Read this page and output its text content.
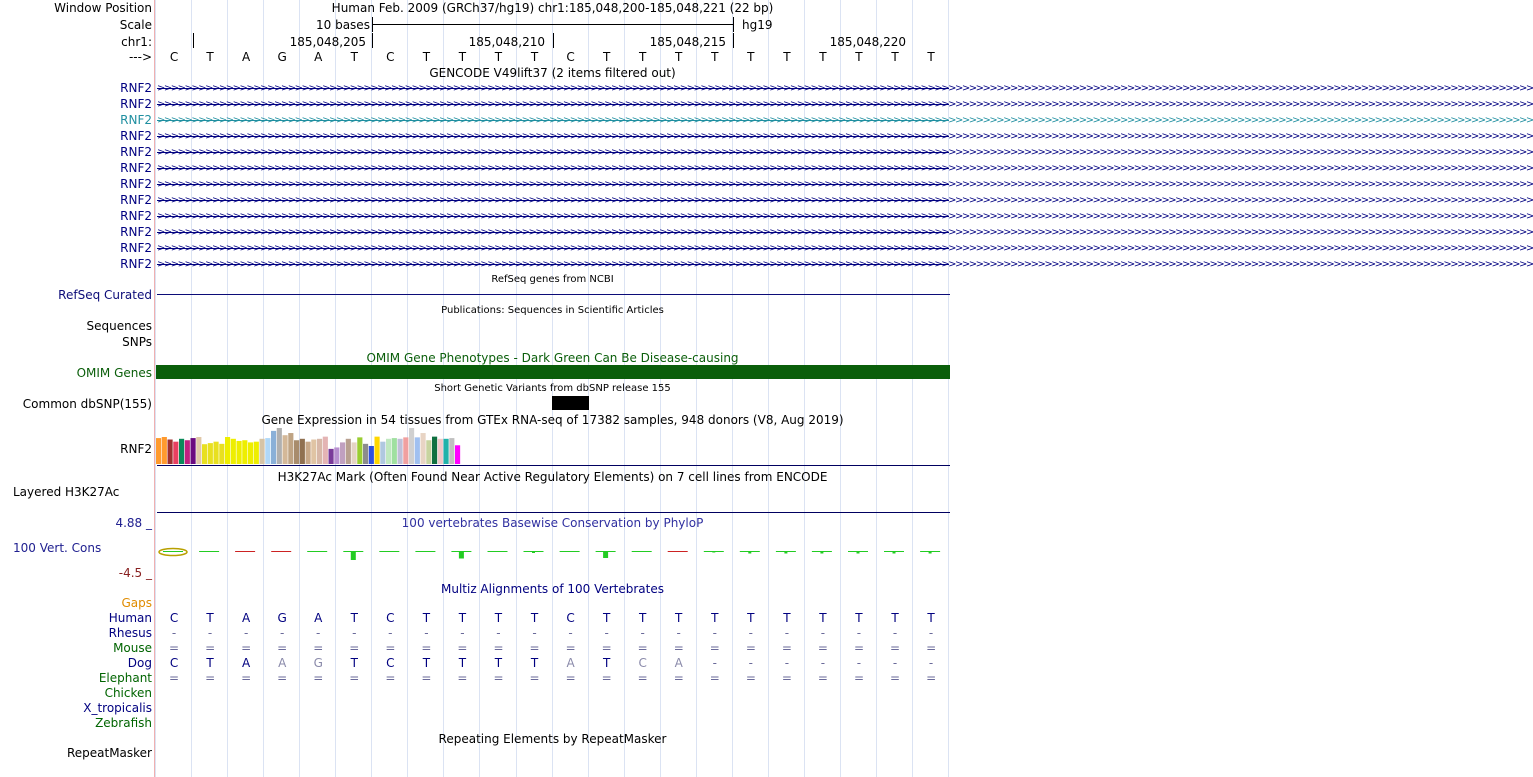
Window Position	Human Feb. 2009 (GRCh37/hg19) chr1:185,048,200-185,048,221 (22 bp)
Scale	10 bases	hg19
chr1:	185,048,205	185,048,210	185,048,215	185,048,220
---> C T A G A T C T T T T C T T T T T T T T T T
GENCODE V49lift37 (2 items filtered out)
RNF2 >>>>>>>>>>>>>>>>>>>>>>>>>>>>>>>>>>>>>>>>>>>>>>>>>>>>>>>>>>>>>>>>>>>>>>>>>>>>>>>>>>>>>>>>>>>>>>>>>>>>>>>>>>>>>>>>>>>>>>>>>>>>>>>>>>>>>>>>>>>>>>>>>>>>>>>>>>>>>>>>>>>>>>>>>>>>>>>>>>>>>>>>>>>>>>>>>>>>>>>>
RNF2 >>>>>>>>>>>>>>>>>>>>>>>>>>>>>>>>>>>>>>>>>>>>>>>>>>>>>>>>>>>>>>>>>>>>>>>>>>>>>>>>>>>>>>>>>>>>>>>>>>>>>>>>>>>>>>>>>>>>>>>>>>>>>>>>>>>>>>>>>>>>>>>>>>>>>>>>>>>>>>>>>>>>>>>>>>>>>>>>>>>>>>>>>>>>>>>>>>>>>>>>
RNF2 >>>>>>>>>>>>>>>>>>>>>>>>>>>>>>>>>>>>>>>>>>>>>>>>>>>>>>>>>>>>>>>>>>>>>>>>>>>>>>>>>>>>>>>>>>>>>>>>>>>>>>>>>>>>>>>>>>>>>>>>>>>>>>>>>>>>>>>>>>>>>>>>>>>>>>>>>>>>>>>>>>>>>>>>>>>>>>>>>>>>>>>>>>>>>>>>>>>>>>>>
RNF2 >>>>>>>>>>>>>>>>>>>>>>>>>>>>>>>>>>>>>>>>>>>>>>>>>>>>>>>>>>>>>>>>>>>>>>>>>>>>>>>>>>>>>>>>>>>>>>>>>>>>>>>>>>>>>>>>>>>>>>>>>>>>>>>>>>>>>>>>>>>>>>>>>>>>>>>>>>>>>>>>>>>>>>>>>>>>>>>>>>>>>>>>>>>>>>>>>>>>>>>>
RNF2 >>>>>>>>>>>>>>>>>>>>>>>>>>>>>>>>>>>>>>>>>>>>>>>>>>>>>>>>>>>>>>>>>>>>>>>>>>>>>>>>>>>>>>>>>>>>>>>>>>>>>>>>>>>>>>>>>>>>>>>>>>>>>>>>>>>>>>>>>>>>>>>>>>>>>>>>>>>>>>>>>>>>>>>>>>>>>>>>>>>>>>>>>>>>>>>>>>>>>>>>
RNF2 >>>>>>>>>>>>>>>>>>>>>>>>>>>>>>>>>>>>>>>>>>>>>>>>>>>>>>>>>>>>>>>>>>>>>>>>>>>>>>>>>>>>>>>>>>>>>>>>>>>>>>>>>>>>>>>>>>>>>>>>>>>>>>>>>>>>>>>>>>>>>>>>>>>>>>>>>>>>>>>>>>>>>>>>>>>>>>>>>>>>>>>>>>>>>>>>>>>>>>>>
RNF2 >>>>>>>>>>>>>>>>>>>>>>>>>>>>>>>>>>>>>>>>>>>>>>>>>>>>>>>>>>>>>>>>>>>>>>>>>>>>>>>>>>>>>>>>>>>>>>>>>>>>>>>>>>>>>>>>>>>>>>>>>>>>>>>>>>>>>>>>>>>>>>>>>>>>>>>>>>>>>>>>>>>>>>>>>>>>>>>>>>>>>>>>>>>>>>>>>>>>>>>>
RNF2 >>>>>>>>>>>>>>>>>>>>>>>>>>>>>>>>>>>>>>>>>>>>>>>>>>>>>>>>>>>>>>>>>>>>>>>>>>>>>>>>>>>>>>>>>>>>>>>>>>>>>>>>>>>>>>>>>>>>>>>>>>>>>>>>>>>>>>>>>>>>>>>>>>>>>>>>>>>>>>>>>>>>>>>>>>>>>>>>>>>>>>>>>>>>>>>>>>>>>>>>
RNF2 >>>>>>>>>>>>>>>>>>>>>>>>>>>>>>>>>>>>>>>>>>>>>>>>>>>>>>>>>>>>>>>>>>>>>>>>>>>>>>>>>>>>>>>>>>>>>>>>>>>>>>>>>>>>>>>>>>>>>>>>>>>>>>>>>>>>>>>>>>>>>>>>>>>>>>>>>>>>>>>>>>>>>>>>>>>>>>>>>>>>>>>>>>>>>>>>>>>>>>>>
RNF2 >>>>>>>>>>>>>>>>>>>>>>>>>>>>>>>>>>>>>>>>>>>>>>>>>>>>>>>>>>>>>>>>>>>>>>>>>>>>>>>>>>>>>>>>>>>>>>>>>>>>>>>>>>>>>>>>>>>>>>>>>>>>>>>>>>>>>>>>>>>>>>>>>>>>>>>>>>>>>>>>>>>>>>>>>>>>>>>>>>>>>>>>>>>>>>>>>>>>>>>>
RNF2 >>>>>>>>>>>>>>>>>>>>>>>>>>>>>>>>>>>>>>>>>>>>>>>>>>>>>>>>>>>>>>>>>>>>>>>>>>>>>>>>>>>>>>>>>>>>>>>>>>>>>>>>>>>>>>>>>>>>>>>>>>>>>>>>>>>>>>>>>>>>>>>>>>>>>>>>>>>>>>>>>>>>>>>>>>>>>>>>>>>>>>>>>>>>>>>>>>>>>>>>
RNF2 >>>>>>>>>>>>>>>>>>>>>>>>>>>>>>>>>>>>>>>>>>>>>>>>>>>>>>>>>>>>>>>>>>>>>>>>>>>>>>>>>>>>>>>>>>>>>>>>>>>>>>>>>>>>>>>>>>>>>>>>>>>>>>>>>>>>>>>>>>>>>>>>>>>>>>>>>>>>>>>>>>>>>>>>>>>>>>>>>>>>>>>>>>>>>>>>>>>>>>>>
RefSeq genes from NCBI
RefSeq Curated
Publications: Sequences in Scientific Articles
Sequences
SNPs
OMIM Gene Phenotypes - Dark Green Can Be Disease-causing
OMIM Genes
Short Genetic Variants from dbSNP release 155
Common dbSNP(155)
Gene Expression in 54 tissues from GTEx RNA-seq of 17382 samples, 948 donors (V8, Aug 2019)
RNF2
H3K27Ac Mark (Often Found Near Active Regulatory Elements) on 7 cell lines from ENCODE
Layered H3K27Ac
100 vertebrates Basewise Conservation by PhyloP
4.88 _
100 Vert. Cons
-4.5 _
Multiz Alignments of 100 Vertebrates
Gaps
Human C T A G A T C T T T T C T T T T T T T T T T
Rhesus -	-	-	-	-	-	-	-	-	-	-	-	-	-	-	-	-	-	-	-	-	-
Mouse = = = = = = = = = = = = = = = = = = = = = =
Dog C T A A G T C T T T T A T C A -	-	-	-	-	-	-
Elephant = = = = = = = = = = = = = = = = = = = = = =
Chicken
X_tropicalis
Zebrafish
Repeating Elements by RepeatMasker
RepeatMasker
